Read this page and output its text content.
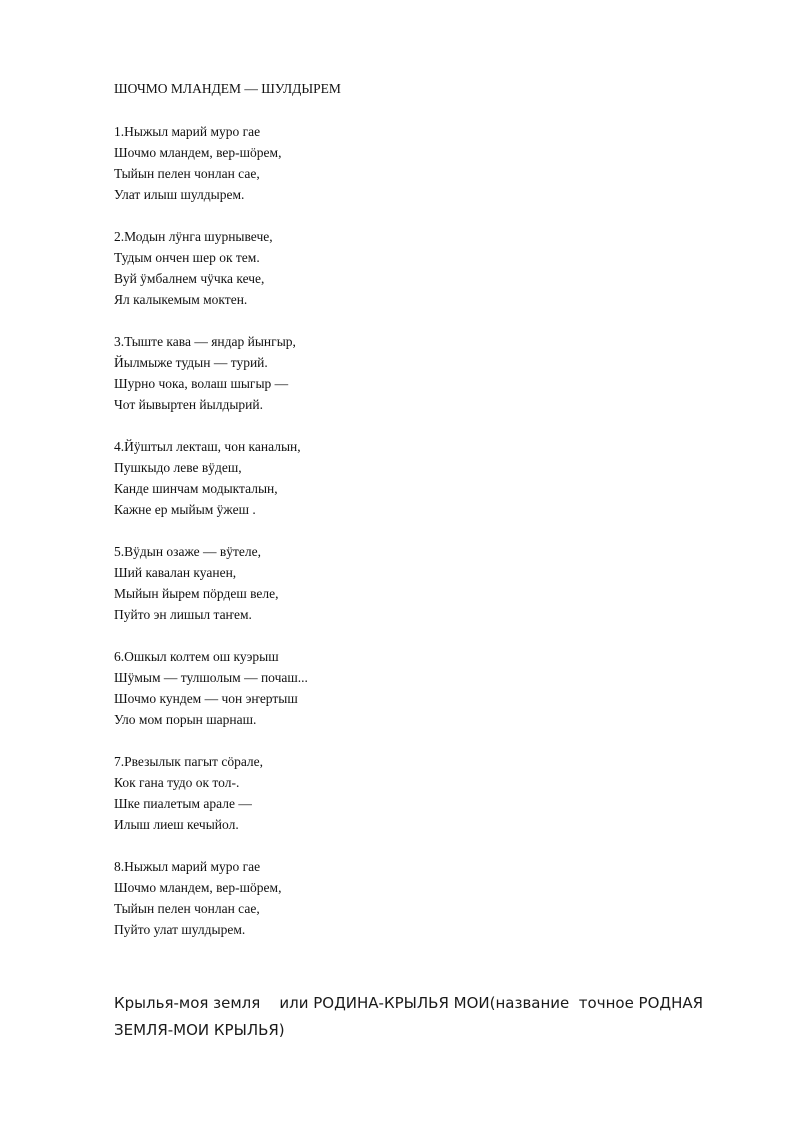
ШОЧМО МЛАНДЕМ — ШУЛДЫРЕМ
1.Ныжыл марий муро гае
Шочмо мландем, вер-шӧрем,
Тыйын пелен чонлан сае,
Улат илыш шулдырем.
2.Модын лӱнга шурнывече,
Тудым ончен шер ок тем.
Вуй ӱмбалнем чӱчка кече,
Ял калыкемым моктен.
3.Тыште кава — яндар йынгыр,
Йылмыже тудын — турий.
Шурно чока, волаш шыгыр —
Чот йывыртен йылдырий.
4.Йӱштыл лекташ, чон каналын,
Пушкыдо леве вӱдеш,
Канде шинчам модыкталын,
Кажне ер мыйым ӱжеш .
5.Вӱдын озаже — вӱтеле,
Ший кавалан куанен,
Мыйын йырем пӧрдеш веле,
Пуйто эн лишыл таҥем.
6.Ошкыл колтем ош куэрыш
Шӱмым — тулшолым — почаш...
Шочмо кундем — чон эҥертыш
Уло мом порын шарнаш.
7.Рвезылык пагыт сӧрале,
Кок гана тудо ок тол-.
Шке пиалетым арале —
Илыш лиеш кечыйол.
8.Ныжыл марий муро гае
Шочмо мландем, вер-шӧрем,
Тыйын пелен чонлан сае,
Пуйто улат шулдырем.
Крылья-моя земля    или РОДИНА-КРЫЛЬЯ МОИ(название  точное РОДНАЯ ЗЕМЛЯ-МОИ КРЫЛЬЯ)
